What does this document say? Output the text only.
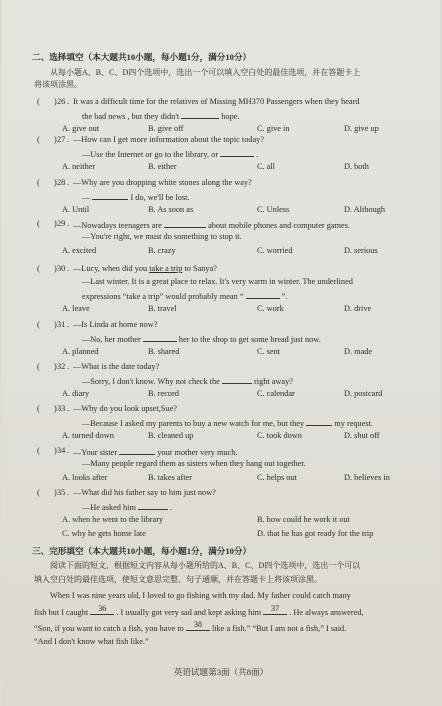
二、选择填空（本大题共10小题，每小题1分，满分10分）
从每小题A、B、C、D四个选项中，选出一个可以填入空白处的最佳选项，并在答题卡上
将该项涂黑。
( ) 26 . It was a difficult time for the relatives of Missing MH370 Passengers when they heard
the bad news , but they didn't	hope.
A. give out	B. give off	C. give in	D. give up
( ) 27 . —How can I get more information about the topic today?
—Use the Internet or go to the library, or	.
A. neither	B. either	C. all	D. both
( ) 28 . —Why are you dropping white stones along the way?
—	I do, we'll be lost.
A. Until	B. As soon as	C. Unless	D. Although
( ) 29 . —Nowadays teenagers are	about mobile phones and computer games.
—You're right, we must do something to stop it.
A. excited	B. crazy	C. worried	D. serious
( ) 30 . —Lucy, when did you take a trip to Sanya?
—Last winter. It is a great place to relax. It's very warm in winter. The underlined
expressions “take a trip” would probably mean “	”.
A. leave	B. travel	C. work	D. drive
( ) 31 . —Is Linda at home now?
—No, her mother	her to the shop to get some bread just now.
A. planned	B. shared	C. sent	D. made
( ) 32 . —What is the date today?
—Sorry, I don't know. Why not check the	right away?
A. diary	B. record	C. calendar	D. postcard
( ) 33 . —Why do you look upset,Sue?
—Because I asked my parents to buy a new watch for me, but they	my request.
A. turned down	B. cleaned up	C. took down	D. shut off
( ) 34 . —Your sister	your mother very much.
—Many people regard them as sisters when they hang out together.
A. looks after	B. takes after	C. helps out	D. believes in
( ) 35 . —What did his father say to him just now?
—He asked him	.
A. when he went to the library	B. how could he work it out
C. why he gets home late	D. that he has got ready for the trip
三、完形填空（本大题共10小题，每小题1分，满分10分）
阅读下面的短文，根据短文内容从每小题所给的A、B、C、D四个选项中，选出一个可以
填入空白处的最佳选项，使短文意思完整、句子通顺，并在答题卡上将该项涂黑。
When I was nine years old, I loved to go fishing with my dad. My father could catch many
fish but I caught	36	. I usually got very sad and kept asking him	37	. He always answered,
“Son, if you want to catch a fish, you have to	38	like a fish.” “But I am not a fish,” I said.
“And I don't know what fish like.”
英语试题第3面（共8面）
